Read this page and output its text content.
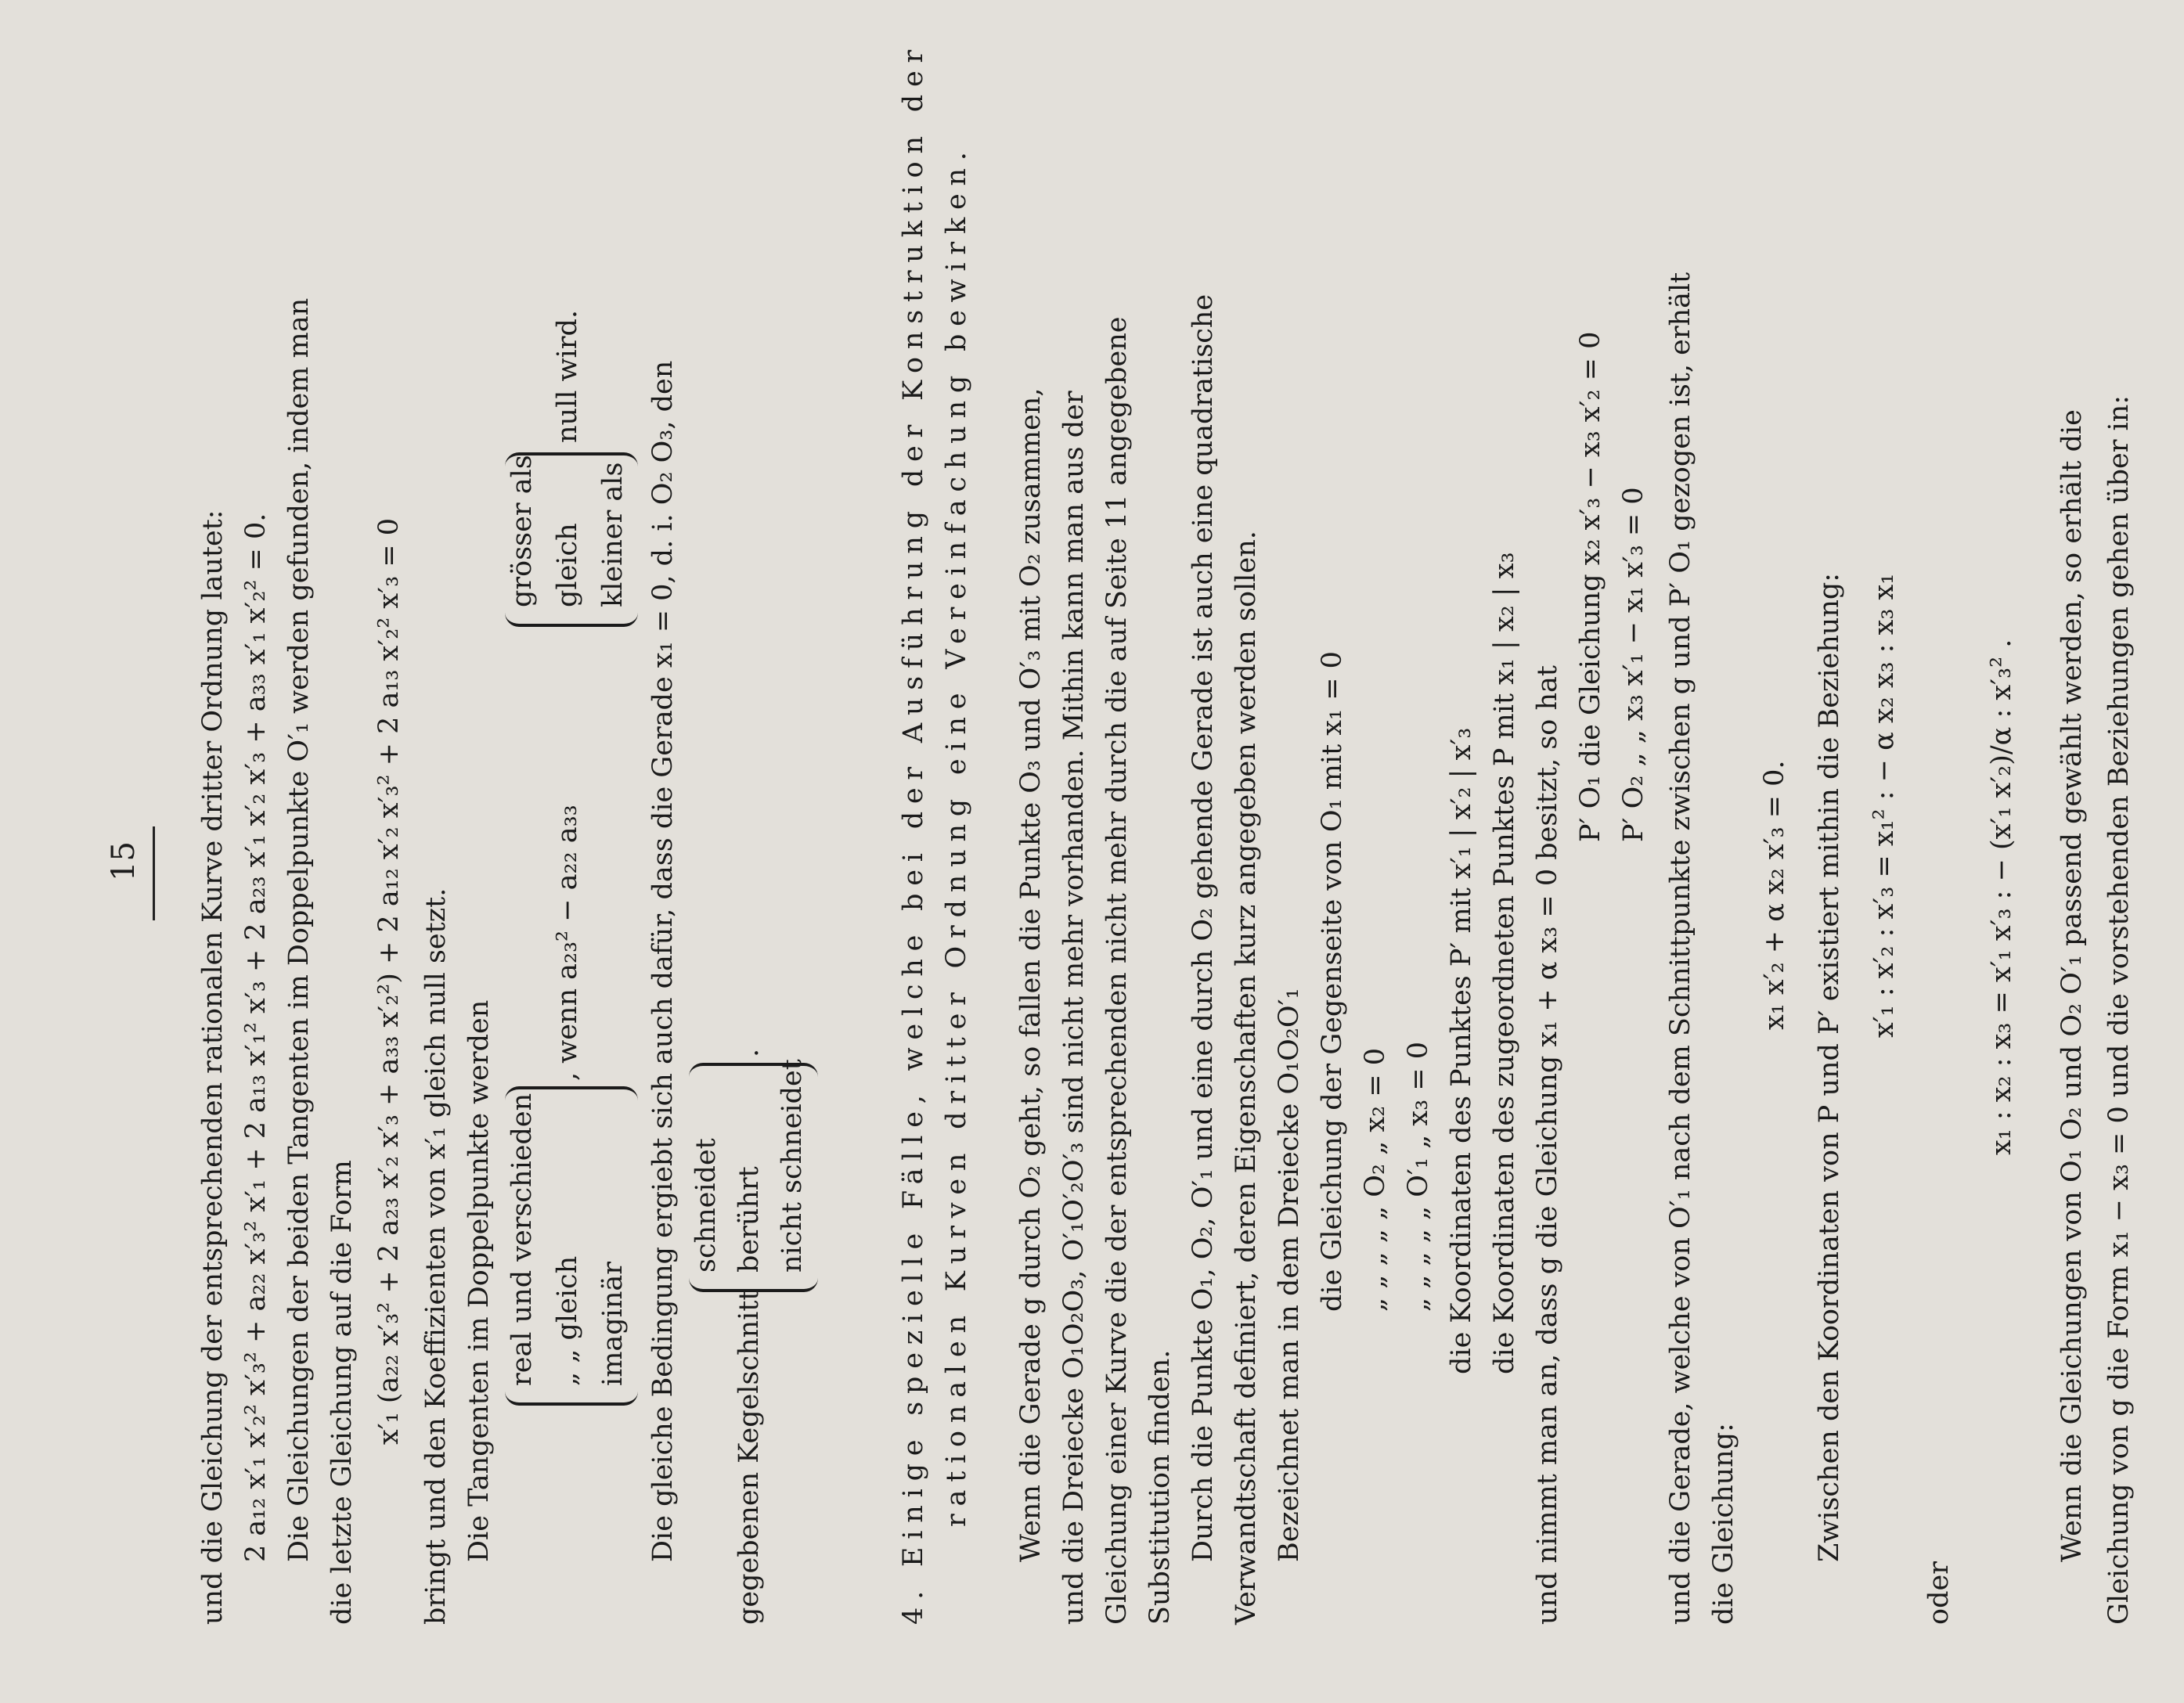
15 und die Gleichung der entsprechenden rationalen Kurve dritter Ordnung lautet: 2 a₁₂ x′₁ x′₂² x′₃² + a₂₂ x′₃² x′₁ + 2 a₁₃ x′₁² x′₃ + 2 a₂₃ x′₁ x′₂ x′₃ + a₃₃ x′₁ x′₂² = 0. Die Gleichungen der beiden Tangenten im Doppelpunkte O′₁ werden gefunden, indem man die letzte Gleichung auf die Form x′₁ (a₂₂ x′₃² + 2 a₂₃ x′₂ x′₃ + a₃₃ x′₂²) + 2 a₁₂ x′₂ x′₃² + 2 a₁₃ x′₂² x′₃ = 0 bringt und den Koeffizienten von x′₁ gleich null setzt. Die Tangenten im Doppelpunkte werden real und verschieden „ „ gleich imaginär
, wenn a₂₃² − a₂₂ a₃₃
grösser als gleich kleiner als
null wird. Die gleiche Bedingung ergiebt sich auch dafür, dass die Gerade x₁ = 0, d. i. O₂ O₃, den gegebenen Kegelschnitt
schneidet berührt nicht schneidet
.	4. Einige spezielle Fälle, welche bei der Ausführung der Konstruktion der rationalen Kurven dritter Ordnung eine Vereinfachung bewirken. Wenn die Gerade g durch O₂ geht, so fallen die Punkte O₃ und O′₃ mit O₂ zusammen, und die Dreiecke O₁O₂O₃, O′₁O′₂O′₃ sind nicht mehr vorhanden. Mithin kann man aus der Gleichung einer Kurve die der entsprechenden nicht mehr durch die auf Seite 11 angegebene Substitution finden. Durch die Punkte O₁, O₂, O′₁ und eine durch O₂ gehende Gerade ist auch eine quadratische Verwandtschaft definiert, deren Eigenschaften kurz angegeben werden sollen. Bezeichnet man in dem Dreiecke O₁O₂O′₁ die Gleichung der Gegenseite von O₁ mit x₁ = 0 „ „ „ „ „ O₂ „ x₂ = 0 „ „ „ „ „ O′₁ „ x₃ = 0 die Koordinaten des Punktes P′ mit x′₁ | x′₂ | x′₃ die Koordinaten des zugeordneten Punktes P mit x₁ | x₂ | x₃ und nimmt man an, dass g die Gleichung x₁ + α x₃ = 0 besitzt, so hat
P′ O₁ die Gleichung x₂ x′₃ − x₃ x′₂ = 0 P′ O₂ „ „ x₃ x′₁ − x₁ x′₃ = 0 und die Gerade, welche von O′₁ nach dem Schnittpunkte zwischen g und P′ O₁ gezogen ist, erhält die Gleichung:
x₁ x′₂ + α x₂ x′₃ = 0. Zwischen den Koordinaten von P und P′ existiert mithin die Beziehung: x′₁ : x′₂ : x′₃ = x₁² : − α x₂ x₃ : x₃ x₁
oder
x₁ : x₂ : x₃ = x′₁ x′₃ : − (x′₁ x′₂)/α : x′₃² . Wenn die Gleichungen von O₁ O₂ und O₂ O′₁ passend gewählt werden, so erhält die Gleichung von g die Form x₁ − x₃ = 0 und die vorstehenden Beziehungen gehen über in:
